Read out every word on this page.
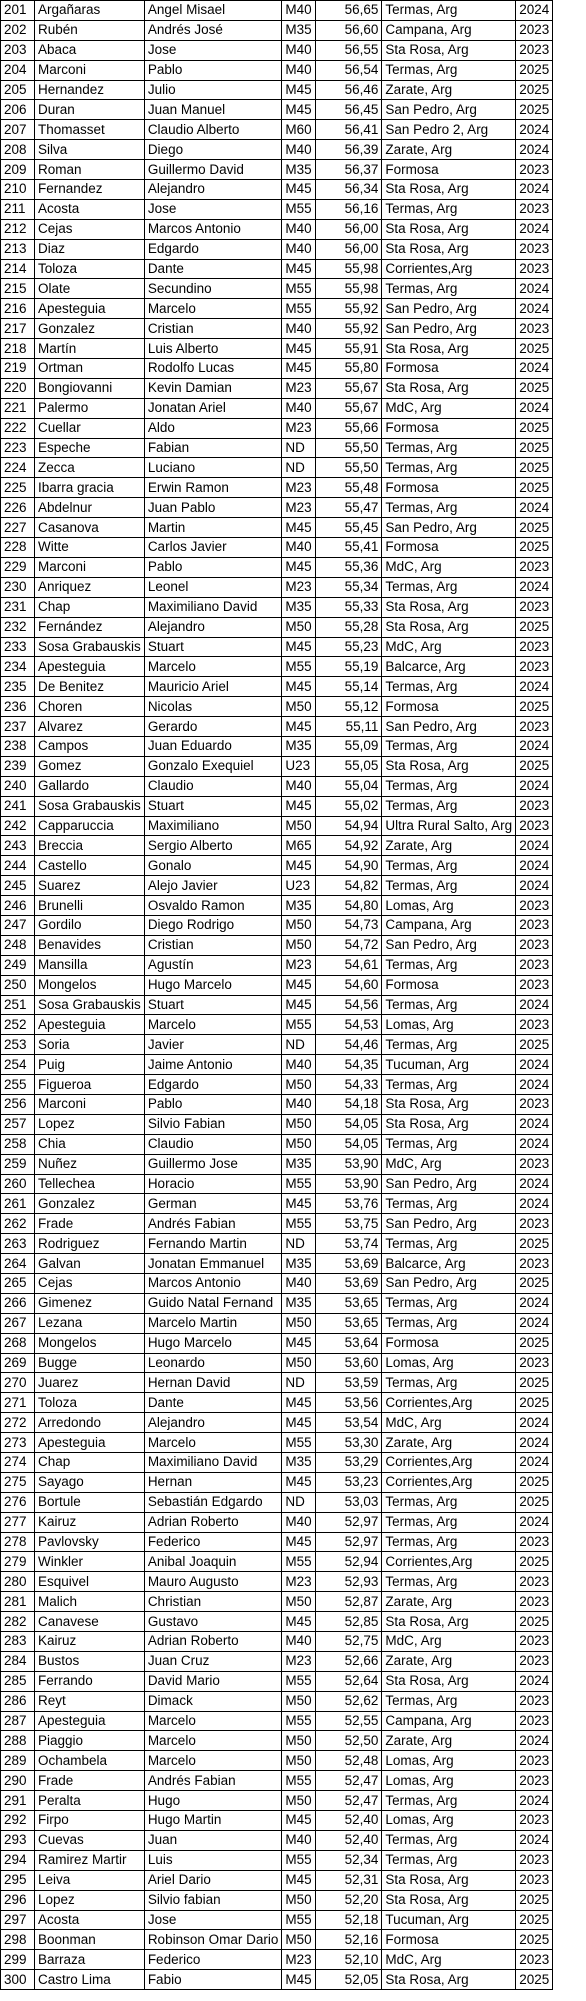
201	Argañaras	Angel Misael	M40	56,65	Termas, Arg	2024
202	Rubén	Andrés José	M35	56,60	Campana, Arg	2023
203	Abaca	Jose	M40	56,55	Sta Rosa, Arg	2023
204	Marconi	Pablo	M40	56,54	Termas, Arg	2025
205	Hernandez	Julio	M45	56,46	Zarate, Arg	2025
206	Duran	Juan Manuel	M45	56,45	San Pedro, Arg	2025
207	Thomasset	Claudio Alberto	M60	56,41	San Pedro 2, Arg	2024
208	Silva	Diego	M40	56,39	Zarate, Arg	2024
209	Roman	Guillermo David	M35	56,37	Formosa	2023
210	Fernandez	Alejandro	M45	56,34	Sta Rosa, Arg	2024
211	Acosta	Jose	M55	56,16	Termas, Arg	2023
212	Cejas	Marcos Antonio	M40	56,00	Sta Rosa, Arg	2024
213	Diaz	Edgardo	M40	56,00	Sta Rosa, Arg	2023
214	Toloza	Dante	M45	55,98	Corrientes,Arg	2023
215	Olate	Secundino	M55	55,98	Termas, Arg	2024
216	Apesteguia	Marcelo	M55	55,92	San Pedro, Arg	2024
217	Gonzalez	Cristian	M40	55,92	San Pedro, Arg	2023
218	Martín	Luis Alberto	M45	55,91	Sta Rosa, Arg	2025
219	Ortman	Rodolfo Lucas	M45	55,80	Formosa	2024
220	Bongiovanni	Kevin Damian	M23	55,67	Sta Rosa, Arg	2025
221	Palermo	Jonatan Ariel	M40	55,67	MdC, Arg	2024
222	Cuellar	Aldo	M23	55,66	Formosa	2025
223	Espeche	Fabian	ND	55,50	Termas, Arg	2025
224	Zecca	Luciano	ND	55,50	Termas, Arg	2025
225	Ibarra gracia	Erwin Ramon	M23	55,48	Formosa	2025
226	Abdelnur	Juan Pablo	M23	55,47	Termas, Arg	2024
227	Casanova	Martin	M45	55,45	San Pedro, Arg	2025
228	Witte	Carlos Javier	M40	55,41	Formosa	2025
229	Marconi	Pablo	M45	55,36	MdC, Arg	2023
230	Anriquez	Leonel	M23	55,34	Termas, Arg	2024
231	Chap	Maximiliano David	M35	55,33	Sta Rosa, Arg	2023
232	Fernández	Alejandro	M50	55,28	Sta Rosa, Arg	2025
233	Sosa Grabauskis	Stuart	M45	55,23	MdC, Arg	2023
234	Apesteguia	Marcelo	M55	55,19	Balcarce, Arg	2023
235	De Benitez	Mauricio Ariel	M45	55,14	Termas, Arg	2024
236	Choren	Nicolas	M50	55,12	Formosa	2025
237	Alvarez	Gerardo	M45	55,11	San Pedro, Arg	2023
238	Campos	Juan Eduardo	M35	55,09	Termas, Arg	2024
239	Gomez	Gonzalo Exequiel	U23	55,05	Sta Rosa, Arg	2025
240	Gallardo	Claudio	M40	55,04	Termas, Arg	2024
241	Sosa Grabauskis	Stuart	M45	55,02	Termas, Arg	2023
242	Capparuccia	Maximiliano	M50	54,94	Ultra Rural Salto, Arg	2023
243	Breccia	Sergio Alberto	M65	54,92	Zarate, Arg	2024
244	Castello	Gonalo	M45	54,90	Termas, Arg	2024
245	Suarez	Alejo Javier	U23	54,82	Termas, Arg	2024
246	Brunelli	Osvaldo Ramon	M35	54,80	Lomas, Arg	2023
247	Gordilo	Diego Rodrigo	M50	54,73	Campana, Arg	2023
248	Benavides	Cristian	M50	54,72	San Pedro, Arg	2023
249	Mansilla	Agustín	M23	54,61	Termas, Arg	2023
250	Mongelos	Hugo Marcelo	M45	54,60	Formosa	2023
251	Sosa Grabauskis	Stuart	M45	54,56	Termas, Arg	2024
252	Apesteguia	Marcelo	M55	54,53	Lomas, Arg	2023
253	Soria	Javier	ND	54,46	Termas, Arg	2025
254	Puig	Jaime Antonio	M40	54,35	Tucuman, Arg	2024
255	Figueroa	Edgardo	M50	54,33	Termas, Arg	2024
256	Marconi	Pablo	M40	54,18	Sta Rosa, Arg	2023
257	Lopez	Silvio Fabian	M50	54,05	Sta Rosa, Arg	2024
258	Chia	Claudio	M50	54,05	Termas, Arg	2024
259	Nuñez	Guillermo Jose	M35	53,90	MdC, Arg	2023
260	Tellechea	Horacio	M55	53,90	San Pedro, Arg	2024
261	Gonzalez	German	M45	53,76	Termas, Arg	2024
262	Frade	Andrés Fabian	M55	53,75	San Pedro, Arg	2023
263	Rodriguez	Fernando Martin	ND	53,74	Termas, Arg	2025
264	Galvan	Jonatan Emmanuel	M35	53,69	Balcarce, Arg	2023
265	Cejas	Marcos Antonio	M40	53,69	San Pedro, Arg	2025
266	Gimenez	Guido Natal Fernand	M35	53,65	Termas, Arg	2024
267	Lezana	Marcelo Martin	M50	53,65	Termas, Arg	2024
268	Mongelos	Hugo Marcelo	M45	53,64	Formosa	2025
269	Bugge	Leonardo	M50	53,60	Lomas, Arg	2023
270	Juarez	Hernan David	ND	53,59	Termas, Arg	2025
271	Toloza	Dante	M45	53,56	Corrientes,Arg	2025
272	Arredondo	Alejandro	M45	53,54	MdC, Arg	2024
273	Apesteguia	Marcelo	M55	53,30	Zarate, Arg	2024
274	Chap	Maximiliano David	M35	53,29	Corrientes,Arg	2024
275	Sayago	Hernan	M45	53,23	Corrientes,Arg	2025
276	Bortule	Sebastián Edgardo	ND	53,03	Termas, Arg	2025
277	Kairuz	Adrian Roberto	M40	52,97	Termas, Arg	2024
278	Pavlovsky	Federico	M45	52,97	Termas, Arg	2023
279	Winkler	Anibal Joaquin	M55	52,94	Corrientes,Arg	2025
280	Esquivel	Mauro Augusto	M23	52,93	Termas, Arg	2023
281	Malich	Christian	M50	52,87	Zarate, Arg	2023
282	Canavese	Gustavo	M45	52,85	Sta Rosa, Arg	2025
283	Kairuz	Adrian Roberto	M40	52,75	MdC, Arg	2023
284	Bustos	Juan Cruz	M23	52,66	Zarate, Arg	2023
285	Ferrando	David Mario	M55	52,64	Sta Rosa, Arg	2024
286	Reyt	Dimack	M50	52,62	Termas, Arg	2023
287	Apesteguia	Marcelo	M55	52,55	Campana, Arg	2023
288	Piaggio	Marcelo	M50	52,50	Zarate, Arg	2024
289	Ochambela	Marcelo	M50	52,48	Lomas, Arg	2023
290	Frade	Andrés Fabian	M55	52,47	Lomas, Arg	2023
291	Peralta	Hugo	M50	52,47	Termas, Arg	2024
292	Firpo	Hugo Martin	M45	52,40	Lomas, Arg	2023
293	Cuevas	Juan	M40	52,40	Termas, Arg	2024
294	Ramirez Martir	Luis	M55	52,34	Termas, Arg	2023
295	Leiva	Ariel Dario	M45	52,31	Sta Rosa, Arg	2023
296	Lopez	Silvio fabian	M50	52,20	Sta Rosa, Arg	2025
297	Acosta	Jose	M55	52,18	Tucuman, Arg	2025
298	Boonman	Robinson Omar Dario	M50	52,16	Formosa	2025
299	Barraza	Federico	M23	52,10	MdC, Arg	2023
300	Castro Lima	Fabio	M45	52,05	Sta Rosa, Arg	2025
